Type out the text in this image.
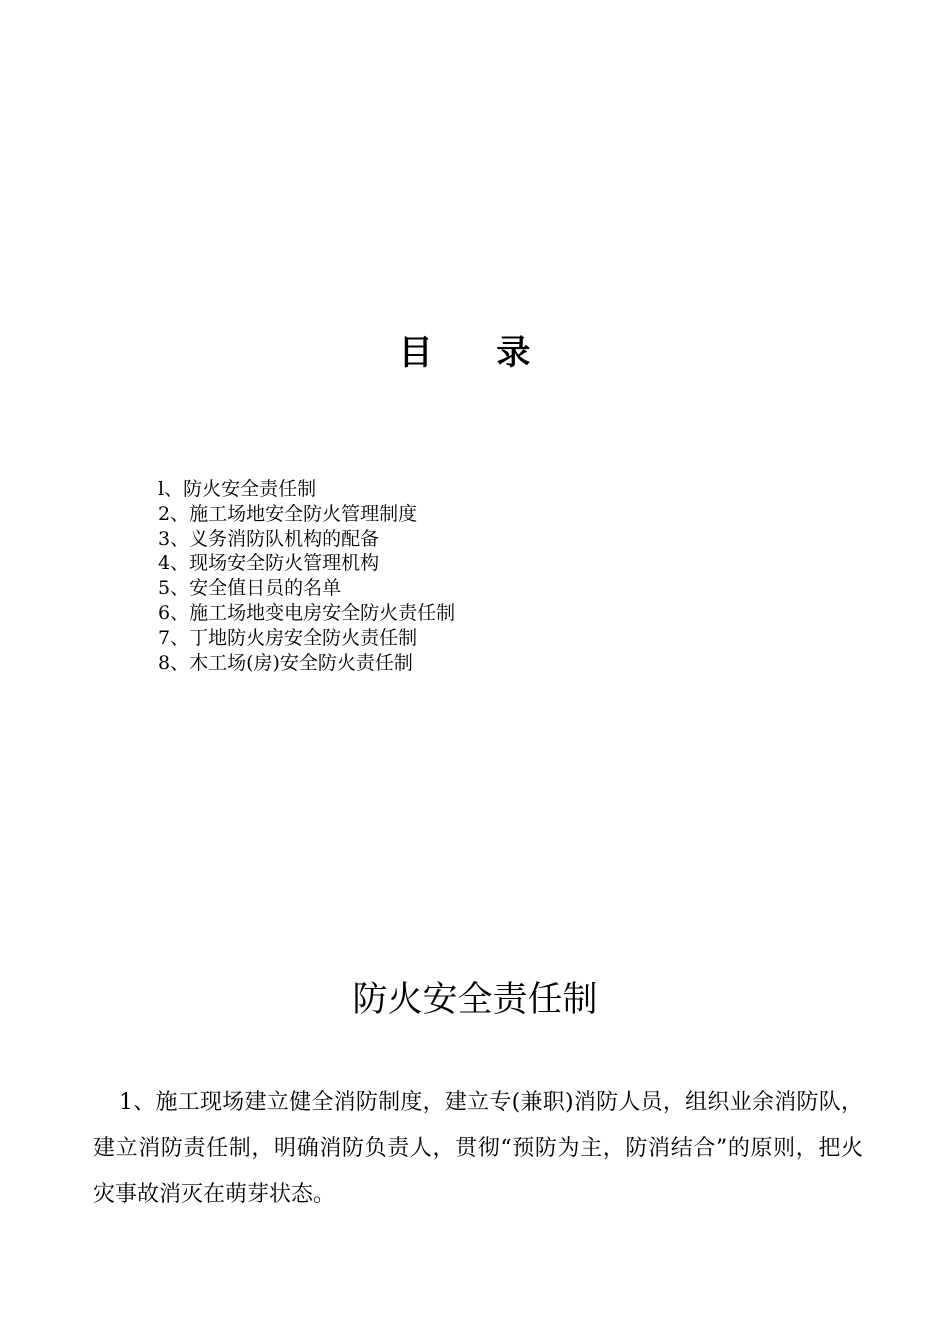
目 录
l、防火安全责任制
2、施工场地安全防火管理制度
3、义务消防队机构的配备
4、现场安全防火管理机构
5、安全值日员的名单
6、施工场地变电房安全防火责任制
7、丁地防火房安全防火责任制
8、木工场(房)安全防火责任制
防火安全责任制

1、施工现场建立健全消防制度，建立专(兼职)消防人员，组织业余消防队，建立消防责任制，明确消防负责人，贯彻“预防为主，防消结合”的原则，把火灾事故消灭在萌芽状态。
